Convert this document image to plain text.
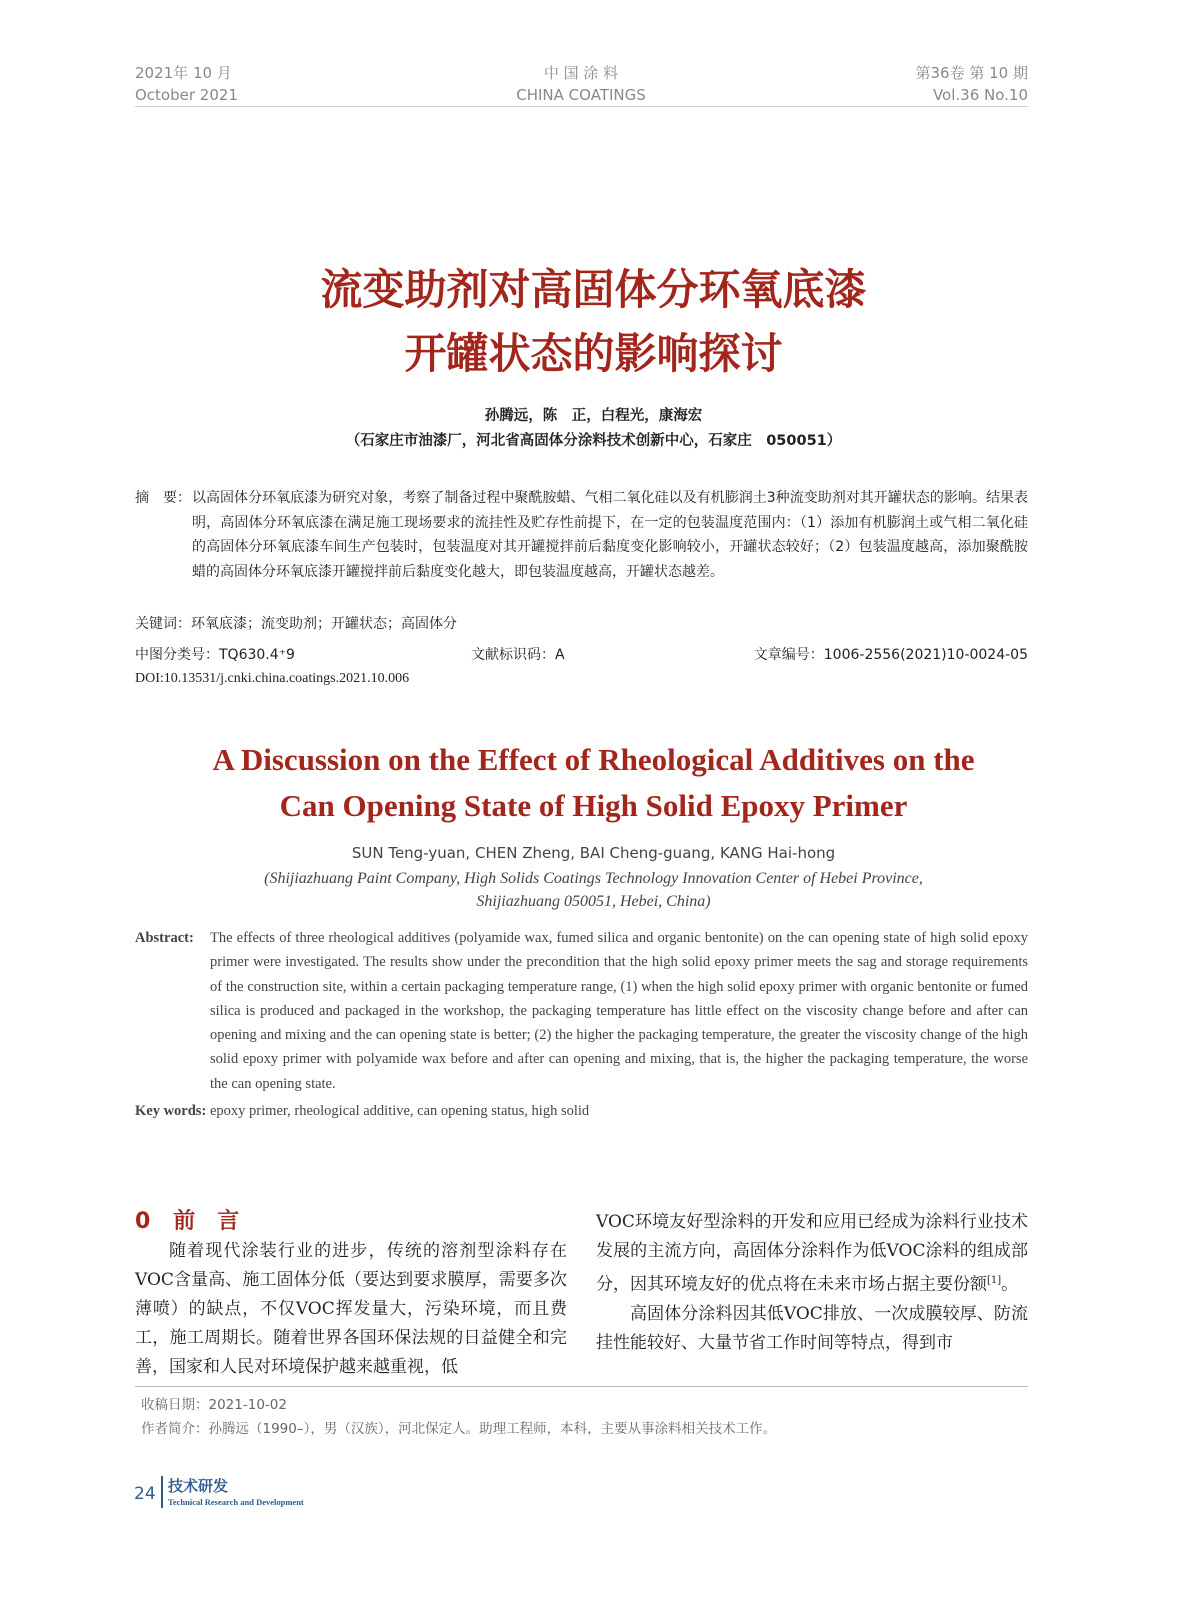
2021年 10 月
October 2021
中 国 涂 料
CHINA COATINGS
第36卷 第 10 期
Vol.36 No.10
流变助剂对高固体分环氧底漆
开罐状态的影响探讨
孙腾远，陈　正，白程光，康海宏
（石家庄市油漆厂，河北省高固体分涂料技术创新中心，石家庄　050051）
摘　要： 以高固体分环氧底漆为研究对象，考察了制备过程中聚酰胺蜡、气相二氧化硅以及有机膨润土3种流变助剂对其开罐状态的影响。结果表明，高固体分环氧底漆在满足施工现场要求的流挂性及贮存性前提下，在一定的包装温度范围内：（1）添加有机膨润土或气相二氧化硅的高固体分环氧底漆车间生产包装时，包装温度对其开罐搅拌前后黏度变化影响较小，开罐状态较好；（2）包装温度越高，添加聚酰胺蜡的高固体分环氧底漆开罐搅拌前后黏度变化越大，即包装温度越高，开罐状态越差。
关键词：环氧底漆；流变助剂；开罐状态；高固体分
中图分类号：TQ630.4⁺9	文献标识码：A	文章编号：1006-2556(2021)10-0024-05
DOI:10.13531/j.cnki.china.coatings.2021.10.006
A Discussion on the Effect of Rheological Additives on the
Can Opening State of High Solid Epoxy Primer
SUN Teng-yuan, CHEN Zheng, BAI Cheng-guang, KANG Hai-hong
(Shijiazhuang Paint Company, High Solids Coatings Technology Innovation Center of Hebei Province,
Shijiazhuang 050051, Hebei, China)
Abstract: The effects of three rheological additives (polyamide wax, fumed silica and organic bentonite) on the can opening state of high solid epoxy primer were investigated. The results show under the precondition that the high solid epoxy primer meets the sag and storage requirements of the construction site, within a certain packaging temperature range, (1) when the high solid epoxy primer with organic bentonite or fumed silica is produced and packaged in the workshop, the packaging temperature has little effect on the viscosity change before and after can opening and mixing and the can opening state is better; (2) the higher the packaging temperature, the greater the viscosity change of the high solid epoxy primer with polyamide wax before and after can opening and mixing, that is, the higher the packaging temperature, the worse the can opening state.
Key words: epoxy primer, rheological additive, can opening status, high solid
0 前　言
随着现代涂装行业的进步，传统的溶剂型涂料存在VOC含量高、施工固体分低（要达到要求膜厚，需要多次薄喷）的缺点，不仅VOC挥发量大，污染环境，而且费工，施工周期长。随着世界各国环保法规的日益健全和完善，国家和人民对环境保护越来越重视，低
VOC环境友好型涂料的开发和应用已经成为涂料行业技术发展的主流方向，高固体分涂料作为低VOC涂料的组成部分，因其环境友好的优点将在未来市场占据主要份额[1]。
高固体分涂料因其低VOC排放、一次成膜较厚、防流挂性能较好、大量节省工作时间等特点，得到市
收稿日期：2021-10-02
作者简介：孙腾远（1990–），男（汉族），河北保定人。助理工程师，本科，主要从事涂料相关技术工作。
24 技术研发
Technical Research and Development
